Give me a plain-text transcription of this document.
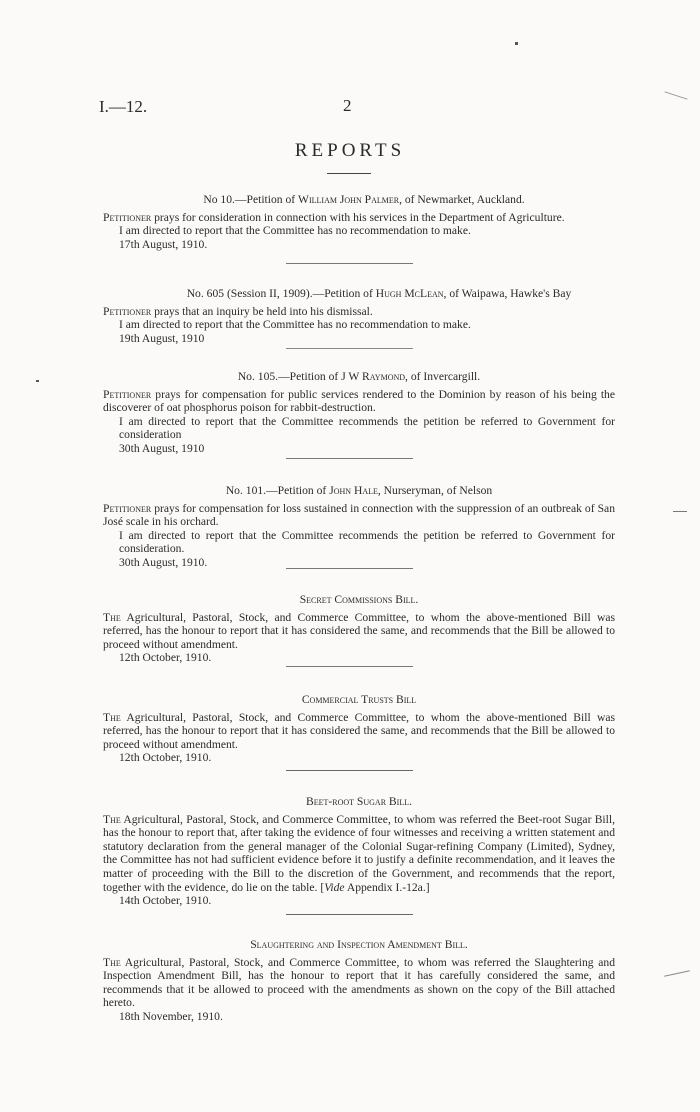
I.—12.	2
REPORTS
No 10.—Petition of William John Palmer, of Newmarket, Auckland.
Petitioner prays for consideration in connection with his services in the Department of Agriculture.
I am directed to report that the Committee has no recommendation to make.
17th August, 1910.
No. 605 (Session II, 1909).—Petition of Hugh McLean, of Waipawa, Hawke's Bay
Petitioner prays that an inquiry be held into his dismissal.
I am directed to report that the Committee has no recommendation to make.
19th August, 1910
No. 105.—Petition of J W Raymond, of Invercargill.
Petitioner prays for compensation for public services rendered to the Dominion by reason of his being the discoverer of oat phosphorus poison for rabbit-destruction.
I am directed to report that the Committee recommends the petition be referred to Government for consideration
30th August, 1910
No. 101.—Petition of John Hale, Nurseryman, of Nelson
Petitioner prays for compensation for loss sustained in connection with the suppression of an outbreak of San José scale in his orchard.
I am directed to report that the Committee recommends the petition be referred to Government for consideration.
30th August, 1910.
Secret Commissions Bill.
The Agricultural, Pastoral, Stock, and Commerce Committee, to whom the above-mentioned Bill was referred, has the honour to report that it has considered the same, and recommends that the Bill be allowed to proceed without amendment.
12th October, 1910.
Commercial Trusts Bill
The Agricultural, Pastoral, Stock, and Commerce Committee, to whom the above-mentioned Bill was referred, has the honour to report that it has considered the same, and recommends that the Bill be allowed to proceed without amendment.
12th October, 1910.
Beet-root Sugar Bill.
The Agricultural, Pastoral, Stock, and Commerce Committee, to whom was referred the Beet-root Sugar Bill, has the honour to report that, after taking the evidence of four witnesses and receiving a written statement and statutory declaration from the general manager of the Colonial Sugar-refining Company (Limited), Sydney, the Committee has not had sufficient evidence before it to justify a definite recommendation, and it leaves the matter of proceeding with the Bill to the discretion of the Government, and recommends that the report, together with the evidence, do lie on the table. [Vide Appendix I.-12a.]
14th October, 1910.
Slaughtering and Inspection Amendment Bill.
The Agricultural, Pastoral, Stock, and Commerce Committee, to whom was referred the Slaughtering and Inspection Amendment Bill, has the honour to report that it has carefully considered the same, and recommends that it be allowed to proceed with the amendments as shown on the copy of the Bill attached hereto.
18th November, 1910.
